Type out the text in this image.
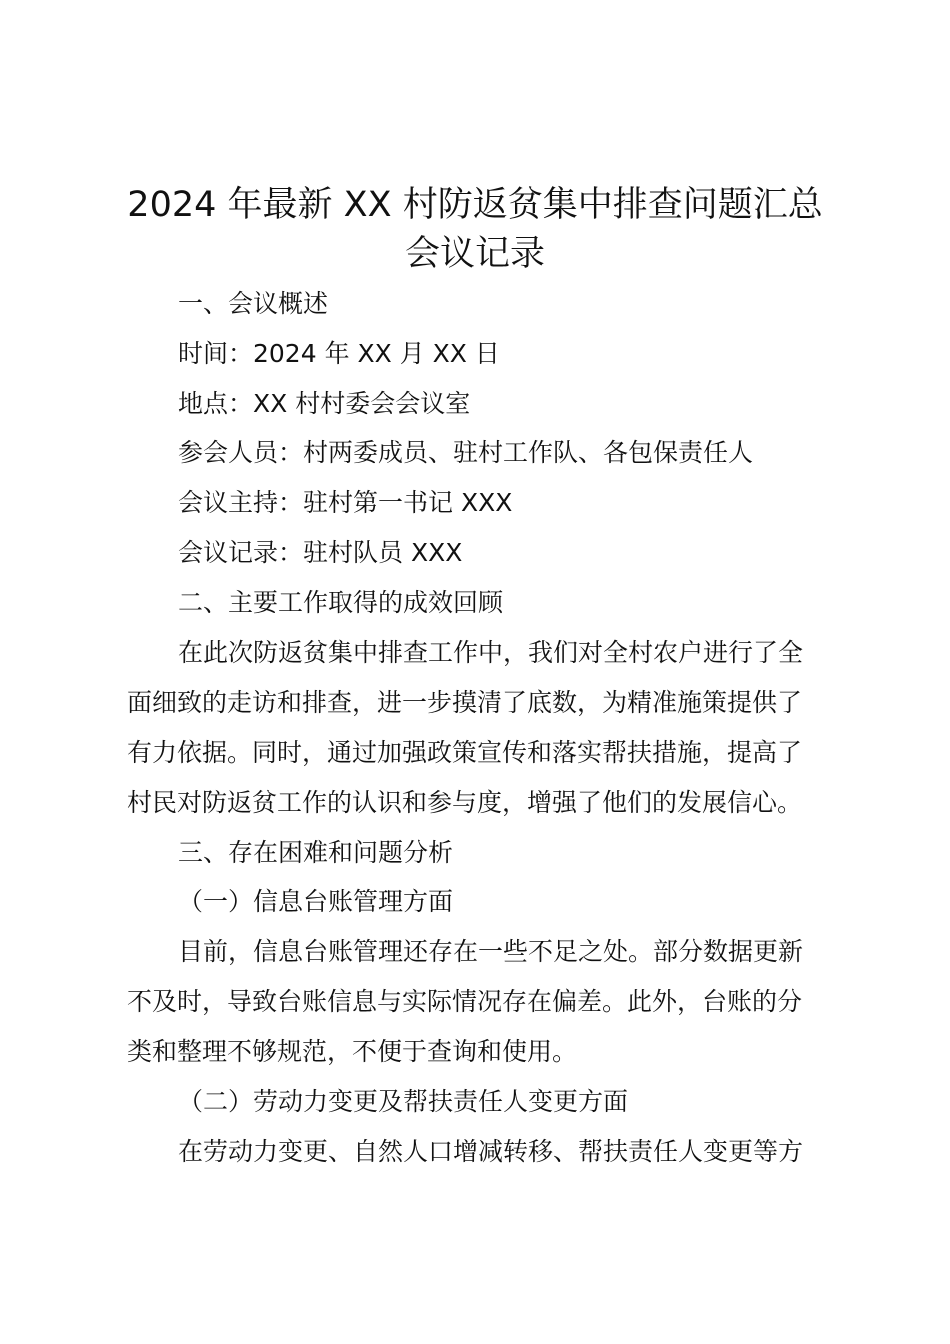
2024 年最新 XX 村防返贫集中排查问题汇总
会议记录
一、会议概述
时间：2024 年 XX 月 XX 日
地点：XX 村村委会会议室
参会人员：村两委成员、驻村工作队、各包保责任人
会议主持：驻村第一书记 XXX
会议记录：驻村队员 XXX
二、主要工作取得的成效回顾
在此次防返贫集中排查工作中，我们对全村农户进行了全
面细致的走访和排查，进一步摸清了底数，为精准施策提供了
有力依据。同时，通过加强政策宣传和落实帮扶措施，提高了
村民对防返贫工作的认识和参与度，增强了他们的发展信心。
三、存在困难和问题分析
（一）信息台账管理方面
目前，信息台账管理还存在一些不足之处。部分数据更新
不及时，导致台账信息与实际情况存在偏差。此外，台账的分
类和整理不够规范，不便于查询和使用。
（二）劳动力变更及帮扶责任人变更方面
在劳动力变更、自然人口增减转移、帮扶责任人变更等方
